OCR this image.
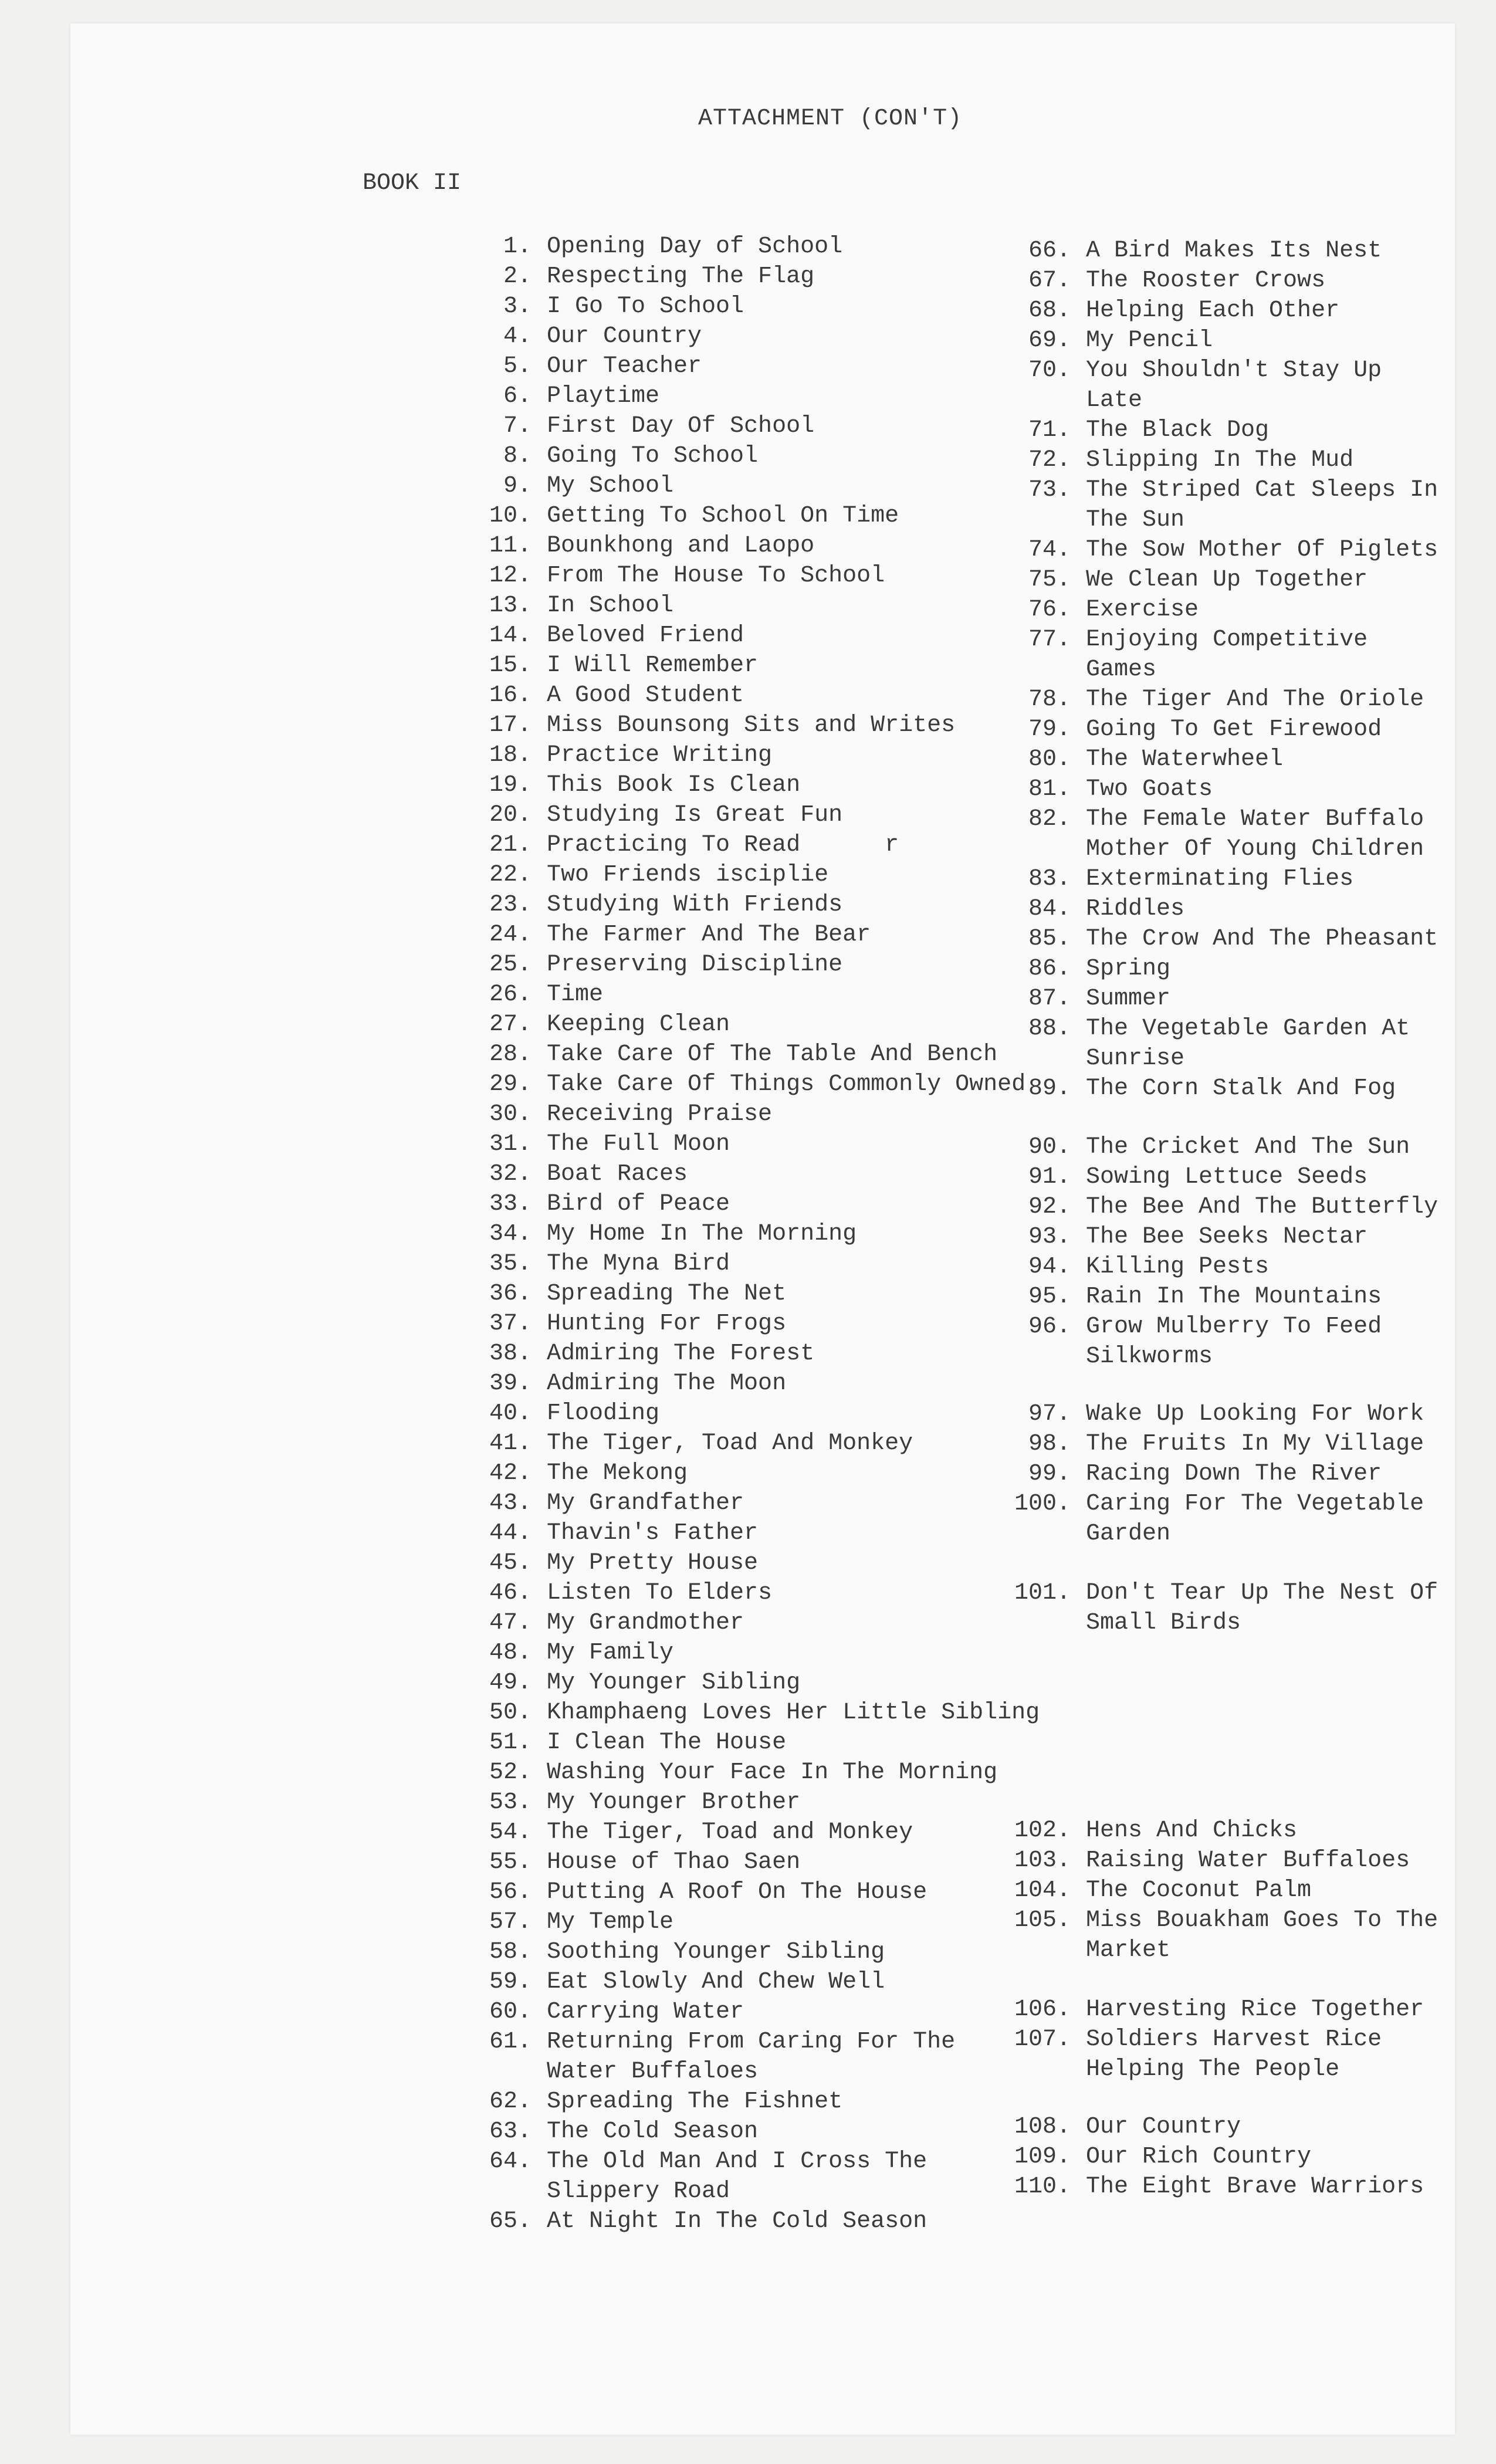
ATTACHMENT (CON'T)
BOOK II
1. Opening Day of School
2. Respecting The Flag
3. I Go To School
4. Our Country
5. Our Teacher
6. Playtime
7. First Day Of School
8. Going To School
9. My School
10. Getting To School On Time
11. Bounkhong and Laopo
12. From The House To School
13. In School
14. Beloved Friend
15. I Will Remember
16. A Good Student
17. Miss Bounsong Sits and Writes
18. Practice Writing
19. This Book Is Clean
20. Studying Is Great Fun
21. Practicing To Read      r
22. Two Friends isciplie
23. Studying With Friends
24. The Farmer And The Bear
25. Preserving Discipline
26. Time
27. Keeping Clean
28. Take Care Of The Table And Bench
29. Take Care Of Things Commonly Owned
30. Receiving Praise
31. The Full Moon
32. Boat Races
33. Bird of Peace
34. My Home In The Morning
35. The Myna Bird
36. Spreading The Net
37. Hunting For Frogs
38. Admiring The Forest
39. Admiring The Moon
40. Flooding
41. The Tiger, Toad And Monkey
42. The Mekong
43. My Grandfather
44. Thavin's Father
45. My Pretty House
46. Listen To Elders
47. My Grandmother
48. My Family
49. My Younger Sibling
50. Khamphaeng Loves Her Little Sibling
51. I Clean The House
52. Washing Your Face In The Morning
53. My Younger Brother
54. The Tiger, Toad and Monkey
55. House of Thao Saen
56. Putting A Roof On The House
57. My Temple
58. Soothing Younger Sibling
59. Eat Slowly And Chew Well
60. Carrying Water
61. Returning From Caring For The
Water Buffaloes
62. Spreading The Fishnet
63. The Cold Season
64. The Old Man And I Cross The
Slippery Road
65. At Night In The Cold Season
66. A Bird Makes Its Nest
67. The Rooster Crows
68. Helping Each Other
69. My Pencil
70. You Shouldn't Stay Up Late
71. The Black Dog
72. Slipping In The Mud
73. The Striped Cat Sleeps In
The Sun
74. The Sow Mother Of Piglets
75. We Clean Up Together
76. Exercise
77. Enjoying Competitive Games
78. The Tiger And The Oriole
79. Going To Get Firewood
80. The Waterwheel
81. Two Goats
82. The Female Water Buffalo
Mother Of Young Children
83. Exterminating Flies
84. Riddles
85. The Crow And The Pheasant
86. Spring
87. Summer
88. The Vegetable Garden At
Sunrise
89. The Corn Stalk And Fog
90. The Cricket And The Sun
91. Sowing Lettuce Seeds
92. The Bee And The Butterfly
93. The Bee Seeks Nectar
94. Killing Pests
95. Rain In The Mountains
96. Grow Mulberry To Feed
Silkworms
97. Wake Up Looking For Work
98. The Fruits In My Village
99. Racing Down The River
100. Caring For The Vegetable
Garden
101. Don't Tear Up The Nest Of
Small Birds
102. Hens And Chicks
103. Raising Water Buffaloes
104. The Coconut Palm
105. Miss Bouakham Goes To The
Market
106. Harvesting Rice Together
107. Soldiers Harvest Rice
Helping The People
108. Our Country
109. Our Rich Country
110. The Eight Brave Warriors
